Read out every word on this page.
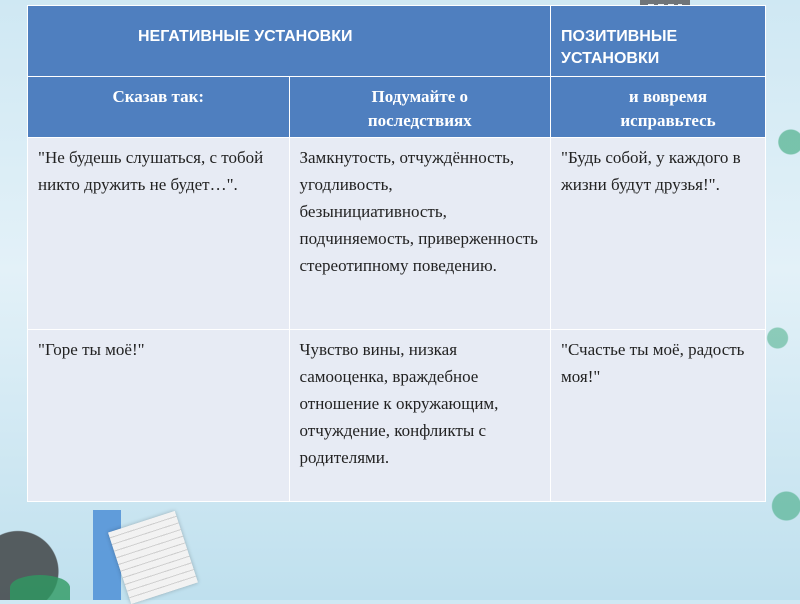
НЕГАТИВНЫЕ УСТАНОВКИ		ПОЗИТИВНЫЕ УСТАНОВКИ

Сказав так:	Подумайте о последствиях	и вовремя исправьтесь

"Не будешь слушаться, с тобой никто дружить не будет…".	Замкнутость, отчуждённость, угодливость, безынициативность, подчиняемость, приверженность стереотипному поведению.	"Будь собой, у каждого в жизни будут друзья!".

"Горе ты моё!"	Чувство вины, низкая самооценка, враждебное отношение к окружающим, отчуждение, конфликты с родителями.	"Счастье ты моё, радость моя!"
